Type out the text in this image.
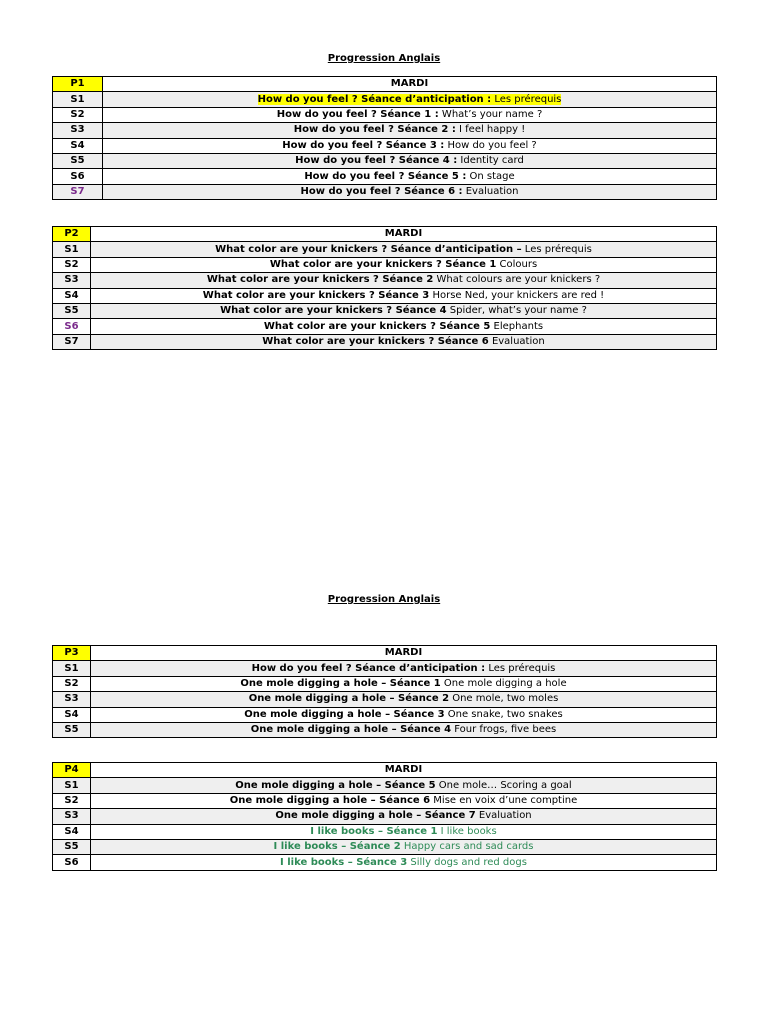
Progression Anglais
P1	MARDI
S1	How do you feel ? Séance d’anticipation : Les prérequis
S2	How do you feel ? Séance 1 : What’s your name ?
S3	How do you feel ? Séance 2 : I feel happy !
S4	How do you feel ? Séance 3 : How do you feel ?
S5	How do you feel ? Séance 4 : Identity card
S6	How do you feel ? Séance 5 : On stage
S7	How do you feel ? Séance 6 : Evaluation
P2	MARDI
S1	What color are your knickers ? Séance d’anticipation – Les prérequis
S2	What color are your knickers ? Séance 1 Colours
S3	What color are your knickers ? Séance 2 What colours are your knickers ?
S4	What color are your knickers ? Séance 3 Horse Ned, your knickers are red !
S5	What color are your knickers ? Séance 4 Spider, what’s your name ?
S6	What color are your knickers ? Séance 5 Elephants
S7	What color are your knickers ? Séance 6 Evaluation
Progression Anglais
P3	MARDI
S1	How do you feel ? Séance d’anticipation : Les prérequis
S2	One mole digging a hole – Séance 1 One mole digging a hole
S3	One mole digging a hole – Séance 2 One mole, two moles
S4	One mole digging a hole – Séance 3 One snake, two snakes
S5	One mole digging a hole – Séance 4 Four frogs, five bees
P4	MARDI
S1	One mole digging a hole – Séance 5 One mole… Scoring a goal
S2	One mole digging a hole – Séance 6 Mise en voix d’une comptine
S3	One mole digging a hole – Séance 7 Evaluation
S4	I like books – Séance 1 I like books
S5	I like books – Séance 2 Happy cars and sad cards
S6	I like books – Séance 3 Silly dogs and red dogs
